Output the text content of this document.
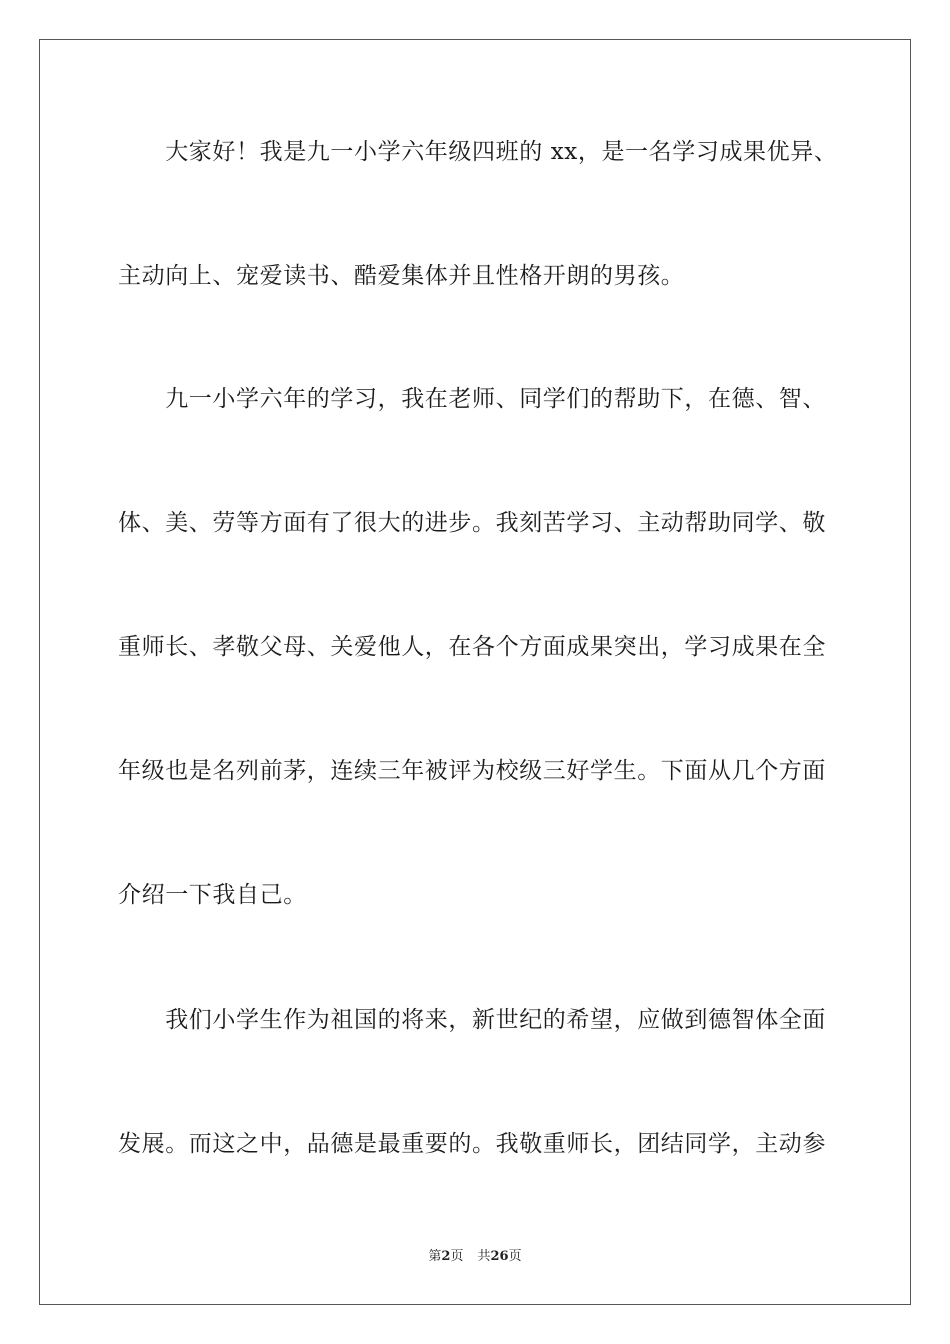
　　大家好！我是九一小学六年级四班的 xx，是一名学习成果优异、
主动向上、宠爱读书、酷爱集体并且性格开朗的男孩。
　　九一小学六年的学习，我在老师、同学们的帮助下，在德、智、
体、美、劳等方面有了很大的进步。我刻苦学习、主动帮助同学、敬
重师长、孝敬父母、关爱他人，在各个方面成果突出，学习成果在全
年级也是名列前茅，连续三年被评为校级三好学生。下面从几个方面
介绍一下我自己。
　　我们小学生作为祖国的将来，新世纪的希望，应做到德智体全面
发展。而这之中，品德是最重要的。我敬重师长，团结同学，主动参
第2页 共26页
